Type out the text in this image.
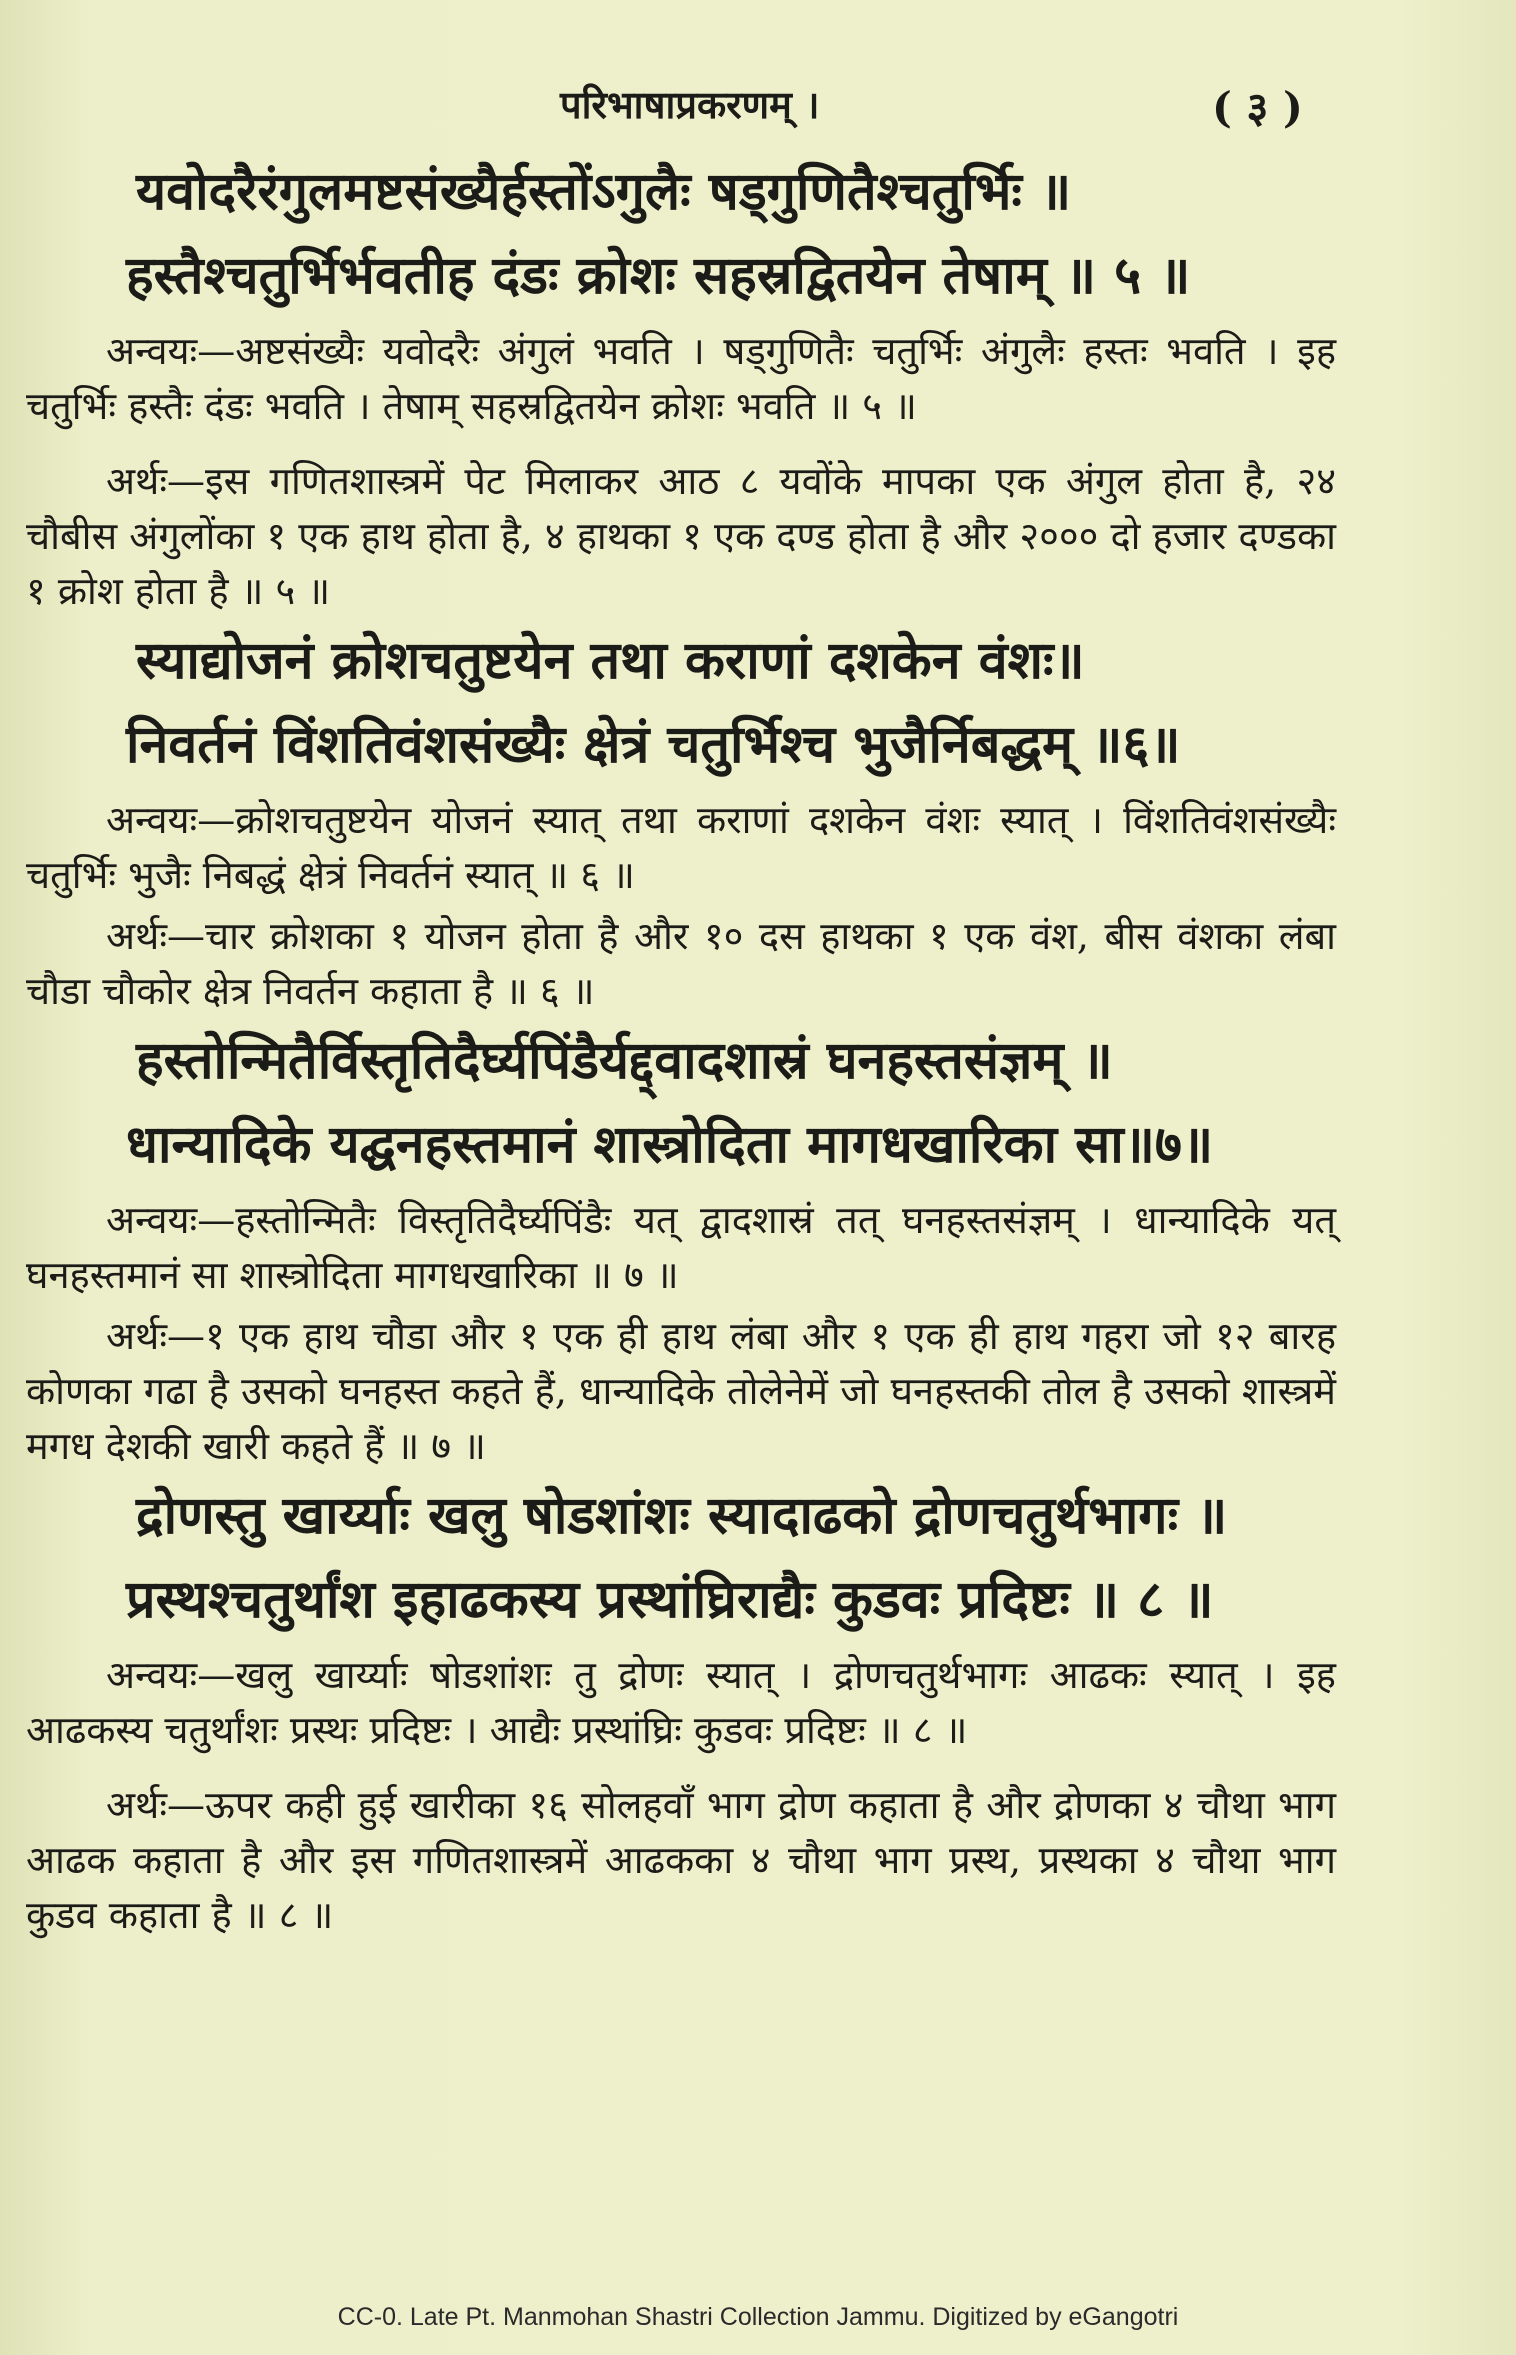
परिभाषाप्रकरणम् ।	( ३ )
यवोदरैरंगुलमष्टसंख्यैर्हस्तोंऽगुलैः षड्गुणितैश्चतुर्भिः ॥
हस्तैश्चतुर्भिर्भवतीह दंडः क्रोशः सहस्रद्वितयेन तेषाम् ॥ ५ ॥

अन्वयः—अष्टसंख्यैः यवोदरैः अंगुलं भवति । षड्गुणितैः चतुर्भिः अंगुलैः हस्तः भवति । इह चतुर्भिः हस्तैः दंडः भवति । तेषाम् सहस्रद्वितयेन क्रोशः भवति ॥ ५ ॥

अर्थः—इस गणितशास्त्रमें पेट मिलाकर आठ ८ यवोंके मापका एक अंगुल होता है, २४ चौबीस अंगुलोंका १ एक हाथ होता है, ४ हाथका १ एक दण्ड होता है और २००० दो हजार दण्डका १ क्रोश होता है ॥ ५ ॥

स्याद्योजनं क्रोशचतुष्टयेन तथा कराणां दशकेन वंशः॥
निवर्तनं विंशतिवंशसंख्यैः क्षेत्रं चतुर्भिश्च भुजैर्निबद्धम् ॥६॥

अन्वयः—क्रोशचतुष्टयेन योजनं स्यात् तथा कराणां दशकेन वंशः स्यात् । विंशतिवंशसंख्यैः चतुर्भिः भुजैः निबद्धं क्षेत्रं निवर्तनं स्यात् ॥ ६ ॥

अर्थः—चार क्रोशका १ योजन होता है और १० दस हाथका १ एक वंश, बीस वंशका लंबा चौडा चौकोर क्षेत्र निवर्तन कहाता है ॥ ६ ॥

हस्तोन्मितैर्विस्तृतिदैर्घ्यपिंडैर्यद्द्वादशास्रं घनहस्तसंज्ञम् ॥
धान्यादिके यद्घनहस्तमानं शास्त्रोदिता मागधखारिका सा॥७॥

अन्वयः—हस्तोन्मितैः विस्तृतिदैर्घ्यपिंडैः यत् द्वादशास्रं तत् घनहस्तसंज्ञम् । धान्यादिके यत् घनहस्तमानं सा शास्त्रोदिता मागधखारिका ॥ ७ ॥

अर्थः—१ एक हाथ चौडा और १ एक ही हाथ लंबा और १ एक ही हाथ गहरा जो १२ बारह कोणका गढा है उसको घनहस्त कहते हैं, धान्यादिके तोलेनेमें जो घनहस्तकी तोल है उसको शास्त्रमें मगध देशकी खारी कहते हैं ॥ ७ ॥

द्रोणस्तु खार्य्याः खलु षोडशांशः स्यादाढको द्रोणचतुर्थभागः ॥
प्रस्थश्चतुर्थांश इहाढकस्य प्रस्थांघ्रिराद्यैः कुडवः प्रदिष्टः ॥ ८ ॥

अन्वयः—खलु खार्य्याः षोडशांशः तु द्रोणः स्यात् । द्रोणचतुर्थभागः आढकः स्यात् । इह आढकस्य चतुर्थांशः प्रस्थः प्रदिष्टः । आद्यैः प्रस्थांघ्रिः कुडवः प्रदिष्टः ॥ ८ ॥

अर्थः—ऊपर कही हुई खारीका १६ सोलहवाँ भाग द्रोण कहाता है और द्रोणका ४ चौथा भाग आढक कहाता है और इस गणितशास्त्रमें आढकका ४ चौथा भाग प्रस्थ, प्रस्थका ४ चौथा भाग कुडव कहाता है ॥ ८ ॥

CC-0. Late Pt. Manmohan Shastri Collection Jammu. Digitized by eGangotri
